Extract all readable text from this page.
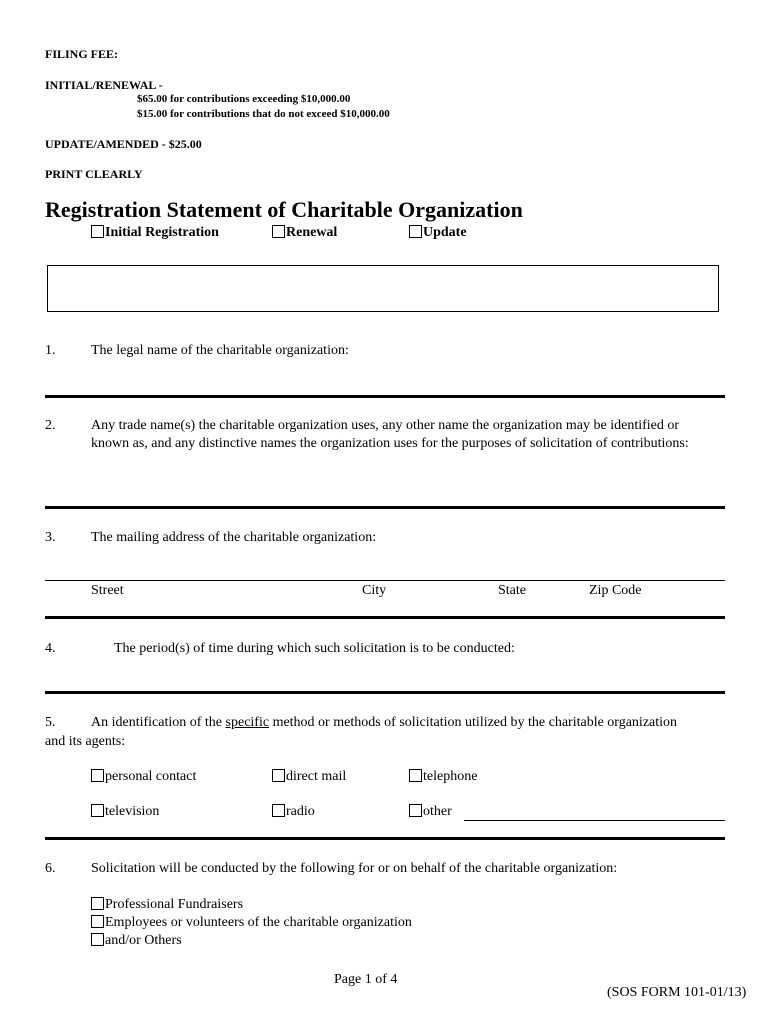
FILING FEE:
INITIAL/RENEWAL -
$65.00 for contributions exceeding $10,000.00
$15.00 for contributions that do not exceed $10,000.00
UPDATE/AMENDED - $25.00
PRINT CLEARLY
Registration Statement of Charitable Organization
Initial Registration	Renewal	Update
1.	The legal name of the charitable organization:
2.	Any trade name(s) the charitable organization uses, any other name the organization may be identified or
known as, and any distinctive names the organization uses for the purposes of solicitation of contributions:
3.	The mailing address of the charitable organization:
Street	City	State	Zip Code
4.	The period(s) of time during which such solicitation is to be conducted:
5.	An identification of the specific method or methods of solicitation utilized by the charitable organization
and its agents:
personal contact	direct mail	telephone
television	radio	other
6.	Solicitation will be conducted by the following for or on behalf of the charitable organization:
Professional Fundraisers
Employees or volunteers of the charitable organization
and/or Others
Page 1 of 4
(SOS FORM 101-01/13)
